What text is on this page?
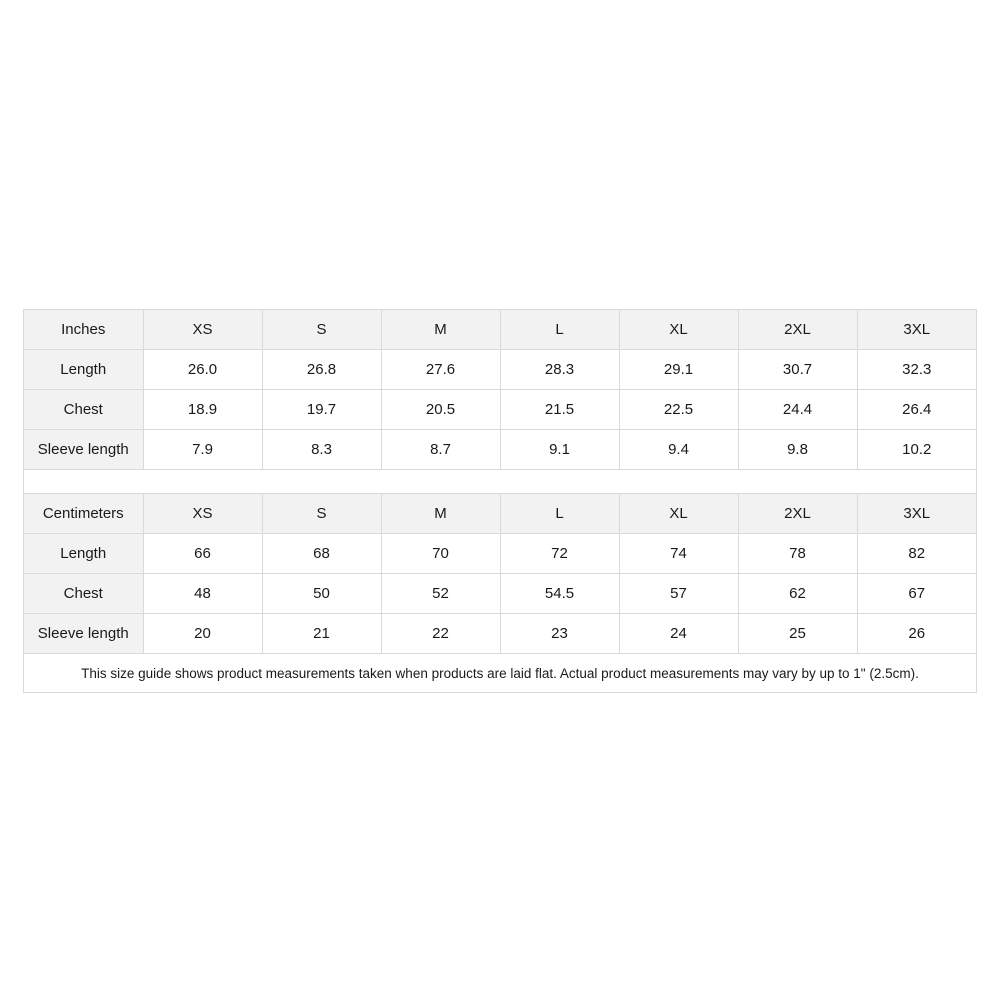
Inches	XS	S	M	L	XL	2XL	3XL
Length	26.0	26.8	27.6	28.3	29.1	30.7	32.3
Chest	18.9	19.7	20.5	21.5	22.5	24.4	26.4
Sleeve length	7.9	8.3	8.7	9.1	9.4	9.8	10.2
Centimeters	XS	S	M	L	XL	2XL	3XL
Length	66	68	70	72	74	78	82
Chest	48	50	52	54.5	57	62	67
Sleeve length	20	21	22	23	24	25	26
This size guide shows product measurements taken when products are laid flat. Actual product measurements may vary by up to 1" (2.5cm).
